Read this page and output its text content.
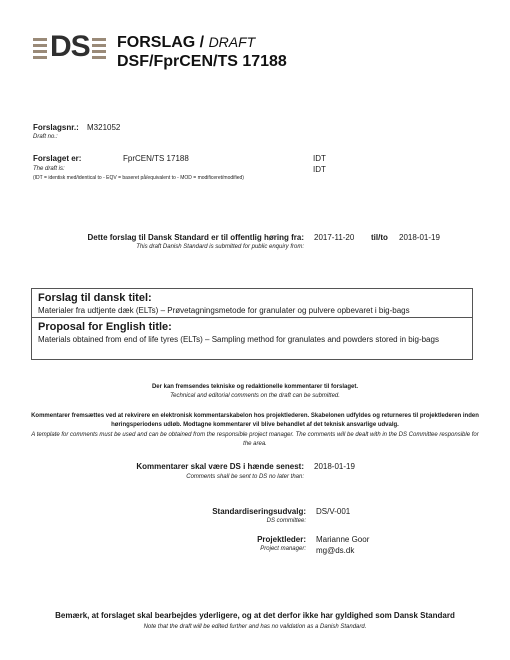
DS FORSLAG / DRAFT
DSF/FprCEN/TS 17188
Forslagsnr.: M321052
Draft no.:
Forslaget er:	FprCEN/TS 17188	IDT
The draft is:	IDT
(IDT = identisk med/identical to - EQV = baseret på/equivalent to - MOD = modificeret/modified)
Dette forslag til Dansk Standard er til offentlig høring fra: 2017-11-20 til/to 2018-01-19
This draft Danish Standard is submitted for public enquiry from:
Forslag til dansk titel:
Materialer fra udtjente dæk (ELTs) – Prøvetagningsmetode for granulater og pulvere opbevaret i big-bags
Proposal for English title:
Materials obtained from end of life tyres (ELTs) – Sampling method for granulates and powders stored in big-bags
Der kan fremsendes tekniske og redaktionelle kommentarer til forslaget.
Technical and editorial comments on the draft can be submitted.
Kommentarer fremsættes ved at rekvirere en elektronisk kommentarskabelon hos projektlederen. Skabelonen udfyldes og returneres til projektlederen inden høringsperiodens udløb. Modtagne kommentarer vil blive behandlet af det teknisk ansvarlige udvalg.
A template for comments must be used and can be obtained from the responsible project manager. The comments will be dealt with in the DS Committee responsible for the area.
Kommentarer skal være DS i hænde senest: 2018-01-19
Comments shall be sent to DS no later than:
Standardiseringsudvalg: DS/V-001
DS committee:
Projektleder: Marianne Goor
Project manager: mg@ds.dk
Bemærk, at forslaget skal bearbejdes yderligere, og at det derfor ikke har gyldighed som Dansk Standard
Note that the draft will be edited further and has no validation as a Danish Standard.
